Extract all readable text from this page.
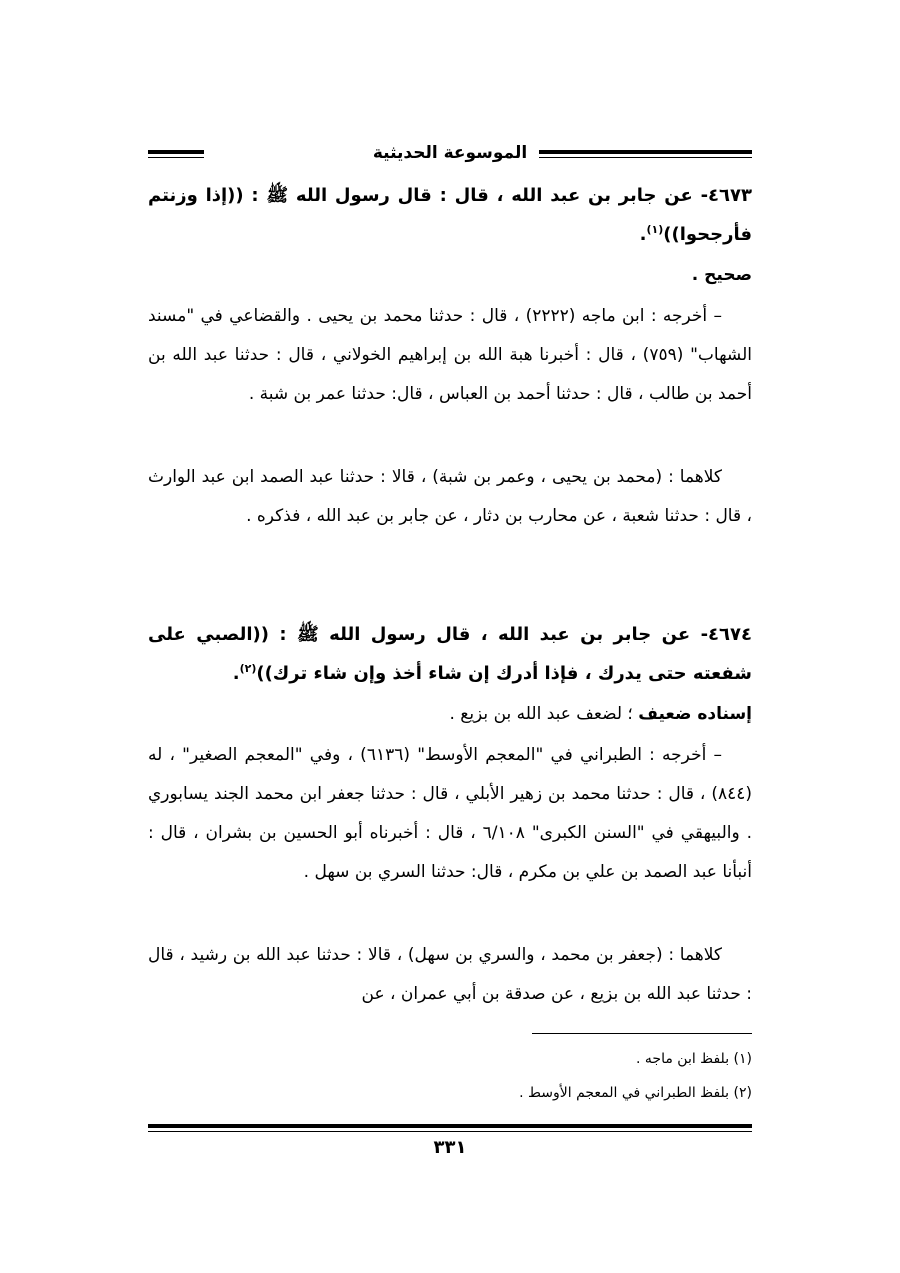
الموسوعة الحديثية

٤٦٧٣- عن جابر بن عبد الله ، قال : قال رسول الله ﷺ : ((إذا وزنتم فأرجحوا))$^{(١)}$.

صحيح .

– أخرجه : ابن ماجه (٢٢٢٢) ، قال : حدثنا محمد بن يحيى . والقضاعي في "مسند الشهاب" (٧٥٩) ، قال : أخبرنا هبة الله بن إبراهيم الخولاني ، قال : حدثنا عبد الله بن أحمد بن طالب ، قال : حدثنا أحمد بن العباس ، قال: حدثنا عمر بن شبة .

كلاهما : (محمد بن يحيى ، وعمر بن شبة) ، قالا : حدثنا عبد الصمد ابن عبد الوارث ، قال : حدثنا شعبة ، عن محارب بن دثار ، عن جابر بن عبد الله ، فذكره .

٤٦٧٤- عن جابر بن عبد الله ، قال رسول الله ﷺ : ((الصبي على شفعته حتى يدرك ، فإذا أدرك إن شاء أخذ وإن شاء ترك))$^{(٢)}$.

إسناده ضعيف ؛ لضعف عبد الله بن بزيع .

– أخرجه : الطبراني في "المعجم الأوسط" (٦١٣٦) ، وفي "المعجم الصغير" ، له (٨٤٤) ، قال : حدثنا محمد بن زهير الأبلي ، قال : حدثنا جعفر ابن محمد الجند يسابوري . والبيهقي في "السنن الكبرى" ٦/١٠٨ ، قال : أخبرناه أبو الحسين بن بشران ، قال : أنبأنا عبد الصمد بن علي بن مكرم ، قال: حدثنا السري بن سهل .

كلاهما : (جعفر بن محمد ، والسري بن سهل) ، قالا : حدثنا عبد الله بن رشيد ، قال : حدثنا عبد الله بن بزيع ، عن صدقة بن أبي عمران ، عن

(١) بلفظ ابن ماجه .

(٢) بلفظ الطبراني في المعجم الأوسط .

٣٣١
